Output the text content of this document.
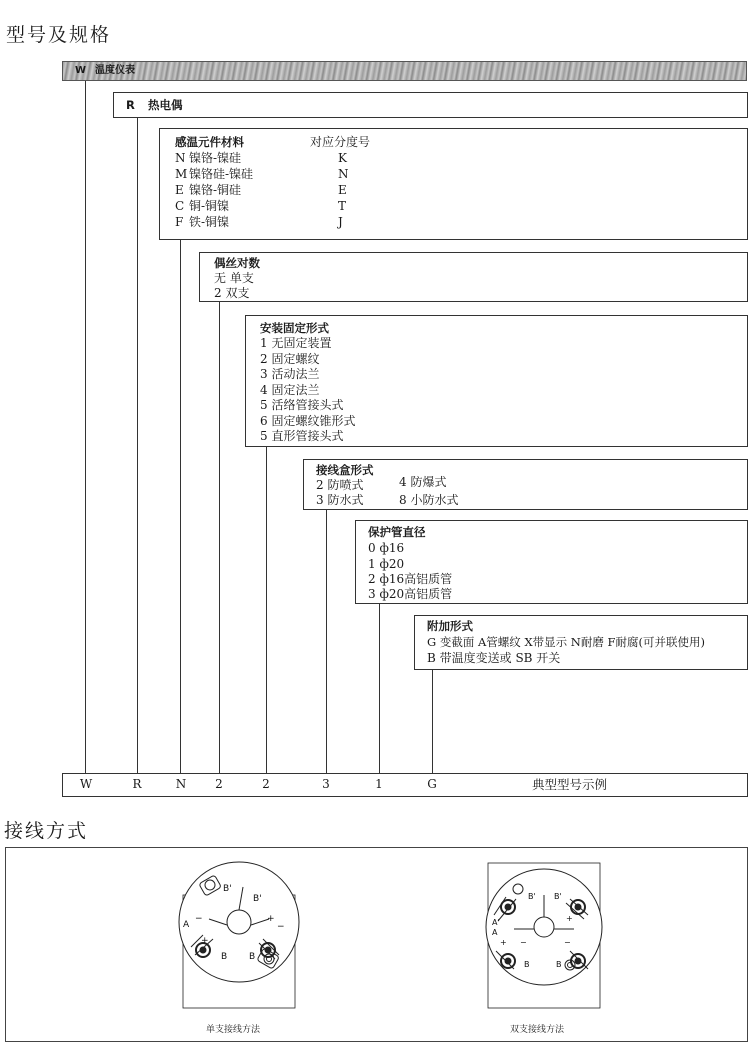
型号及规格
W 温度仪表
R 热电偶
感温元件材料	对应分度号
N 镍铬-镍硅	K
M 镍铬硅-镍硅	N
E 镍铬-铜硅	E
C 铜-铜镍	T
F 铁-铜镍	J
偶丝对数
无 单支
2 双支
安装固定形式
1 无固定装置
2 固定螺纹
3 活动法兰
4 固定法兰
5 活络管接头式
6 固定螺纹锥形式
5 直形管接头式
接线盒形式
2 防喷式	4 防爆式
3 防水式	8 小防水式
保护管直径
0 ф16
1 ф20
2 ф16高铝质管
3 ф20高铝质管
附加形式
G 变截面 A管螺纹 X带显示 N耐磨 F耐腐(可并联使用)
B 带温度变送或 SB 开关
W	R	N	2	2	3	1	G	典型型号示例
接线方式
A
−
+
B'
B'
+
−
B B
单支接线方法
A
A'
+ −
B' B'
+
−
B	B
双支接线方法
